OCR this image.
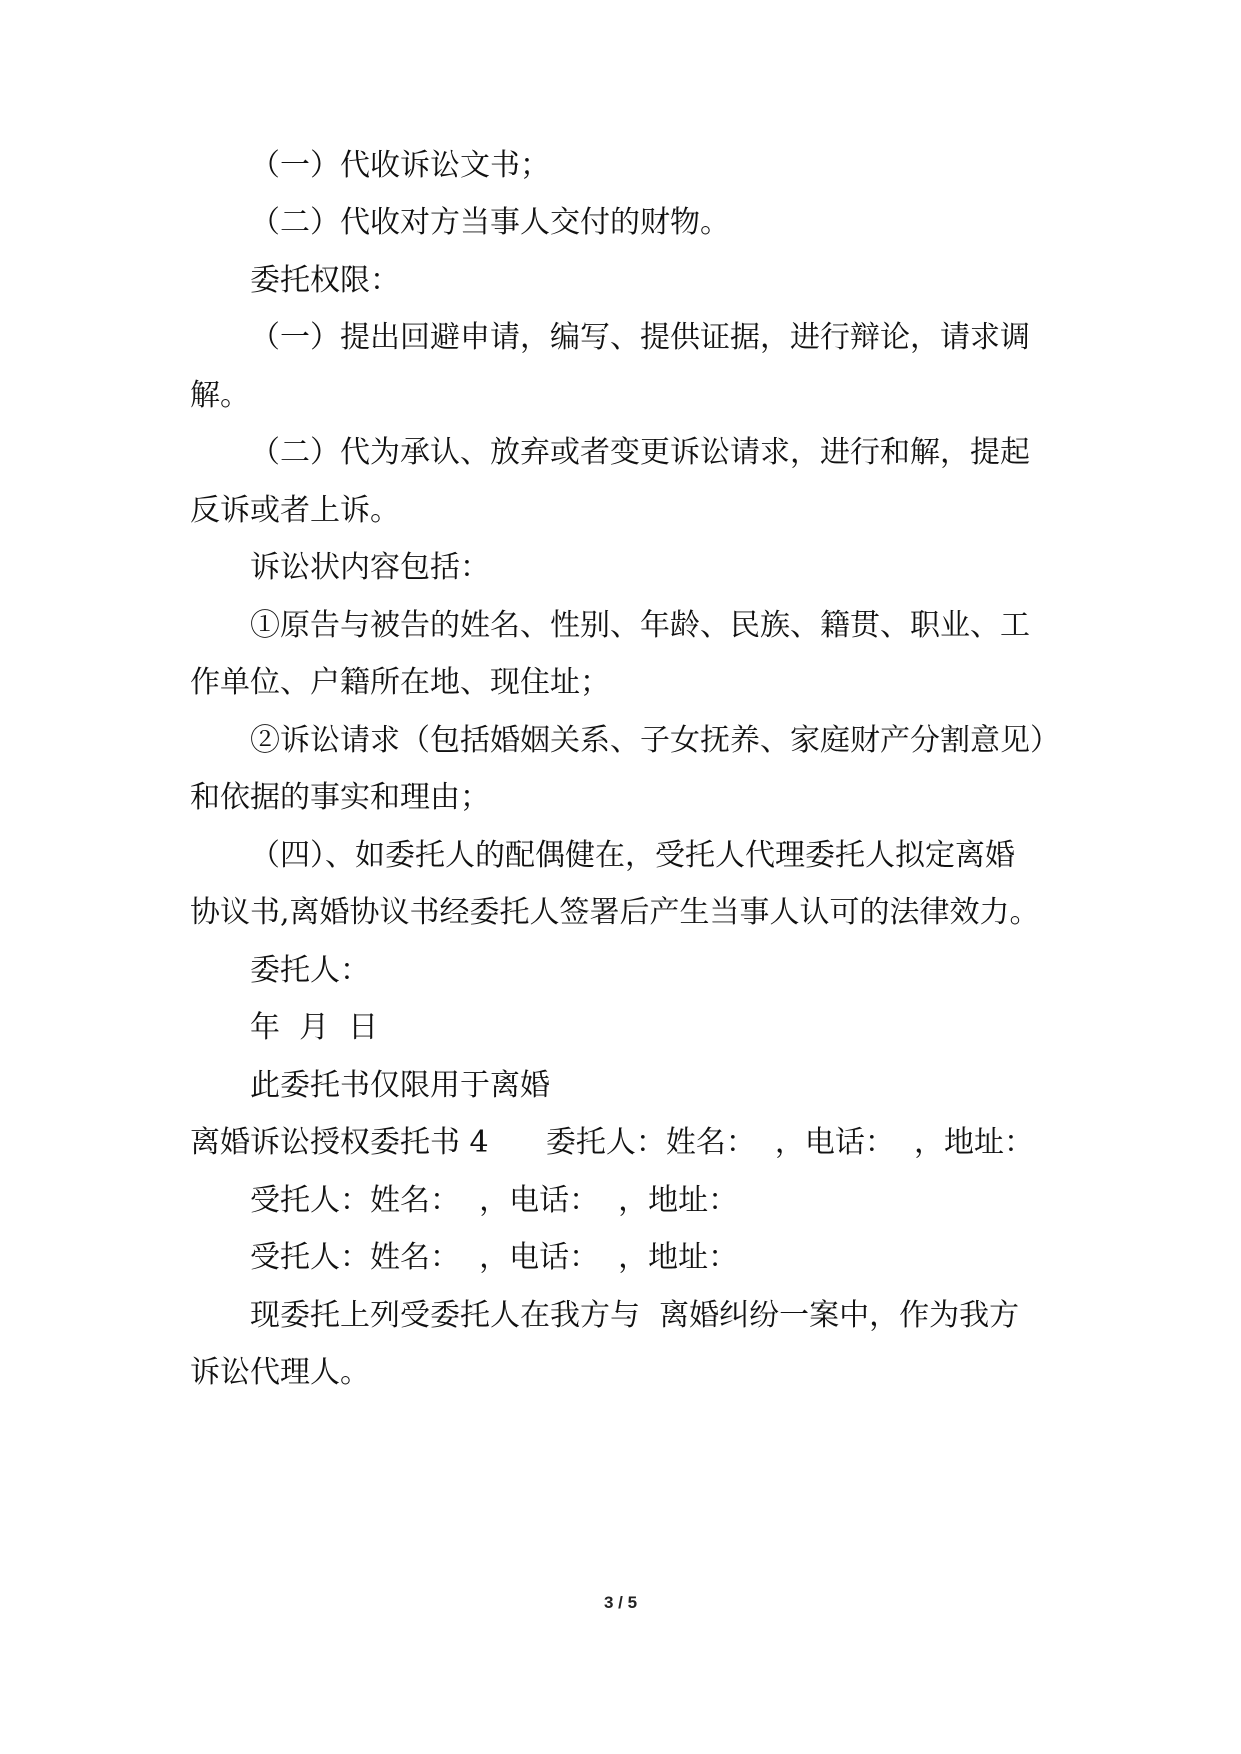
（一）代收诉讼文书；

（二）代收对方当事人交付的财物。

委托权限：

（一）提出回避申请，编写、提供证据，进行辩论，请求调

解。

（二）代为承认、放弃或者变更诉讼请求，进行和解，提起

反诉或者上诉。

诉讼状内容包括：

①原告与被告的姓名、性别、年龄、民族、籍贯、职业、工

作单位、户籍所在地、现住址；

②诉讼请求（包括婚姻关系、子女抚养、家庭财产分割意见）

和依据的事实和理由；

（四）、如委托人的配偶健在，受托人代理委托人拟定离婚

协议书,离婚协议书经委托人签署后产生当事人认可的法律效力。

委托人：

年  月  日

此委托书仅限用于离婚

离婚诉讼授权委托书 4      委托人：姓名：  ，电话：  ，地址：

受托人：姓名：  ，电话：  ，地址：

受托人：姓名：  ，电话：  ，地址：

现委托上列受委托人在我方与  离婚纠纷一案中，作为我方

诉讼代理人。

3 / 5
